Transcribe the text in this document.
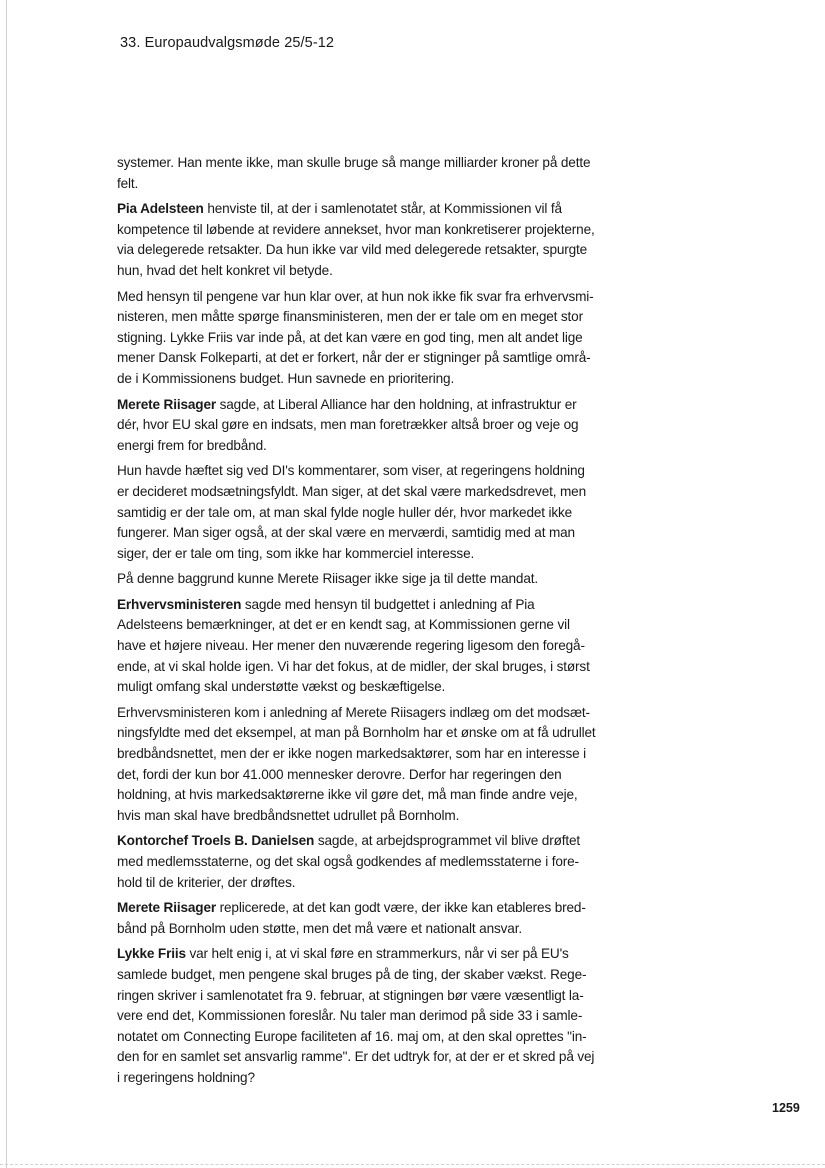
33. Europaudvalgsmøde 25/5-12

systemer. Han mente ikke, man skulle bruge så mange milliarder kroner på dette
felt.

Pia Adelsteen henviste til, at der i samlenotatet står, at Kommissionen vil få
kompetence til løbende at revidere annekset, hvor man konkretiserer projekterne,
via delegerede retsakter. Da hun ikke var vild med delegerede retsakter, spurgte
hun, hvad det helt konkret vil betyde.

Med hensyn til pengene var hun klar over, at hun nok ikke fik svar fra erhvervsmi-
nisteren, men måtte spørge finansministeren, men der er tale om en meget stor
stigning. Lykke Friis var inde på, at det kan være en god ting, men alt andet lige
mener Dansk Folkeparti, at det er forkert, når der er stigninger på samtlige områ-
de i Kommissionens budget. Hun savnede en prioritering.

Merete Riisager sagde, at Liberal Alliance har den holdning, at infrastruktur er
dér, hvor EU skal gøre en indsats, men man foretrækker altså broer og veje og
energi frem for bredbånd.

Hun havde hæftet sig ved DI's kommentarer, som viser, at regeringens holdning
er decideret modsætningsfyldt. Man siger, at det skal være markedsdrevet, men
samtidig er der tale om, at man skal fylde nogle huller dér, hvor markedet ikke
fungerer. Man siger også, at der skal være en merværdi, samtidig med at man
siger, der er tale om ting, som ikke har kommerciel interesse.

På denne baggrund kunne Merete Riisager ikke sige ja til dette mandat.

Erhvervsministeren sagde med hensyn til budgettet i anledning af Pia
Adelsteens bemærkninger, at det er en kendt sag, at Kommissionen gerne vil
have et højere niveau. Her mener den nuværende regering ligesom den foregå-
ende, at vi skal holde igen. Vi har det fokus, at de midler, der skal bruges, i størst
muligt omfang skal understøtte vækst og beskæftigelse.

Erhvervsministeren kom i anledning af Merete Riisagers indlæg om det modsæt-
ningsfyldte med det eksempel, at man på Bornholm har et ønske om at få udrullet
bredbåndsnettet, men der er ikke nogen markedsaktører, som har en interesse i
det, fordi der kun bor 41.000 mennesker derovre. Derfor har regeringen den
holdning, at hvis markedsaktørerne ikke vil gøre det, må man finde andre veje,
hvis man skal have bredbåndsnettet udrullet på Bornholm.

Kontorchef Troels B. Danielsen sagde, at arbejdsprogrammet vil blive drøftet
med medlemsstaterne, og det skal også godkendes af medlemsstaterne i fore-
hold til de kriterier, der drøftes.

Merete Riisager replicerede, at det kan godt være, der ikke kan etableres bred-
bånd på Bornholm uden støtte, men det må være et nationalt ansvar.

Lykke Friis var helt enig i, at vi skal føre en strammerkurs, når vi ser på EU's
samlede budget, men pengene skal bruges på de ting, der skaber vækst. Rege-
ringen skriver i samlenotatet fra 9. februar, at stigningen bør være væsentligt la-
vere end det, Kommissionen foreslår. Nu taler man derimod på side 33 i samle-
notatet om Connecting Europe faciliteten af 16. maj om, at den skal oprettes "in-
den for en samlet set ansvarlig ramme". Er det udtryk for, at der er et skred på vej
i regeringens holdning?

1259
